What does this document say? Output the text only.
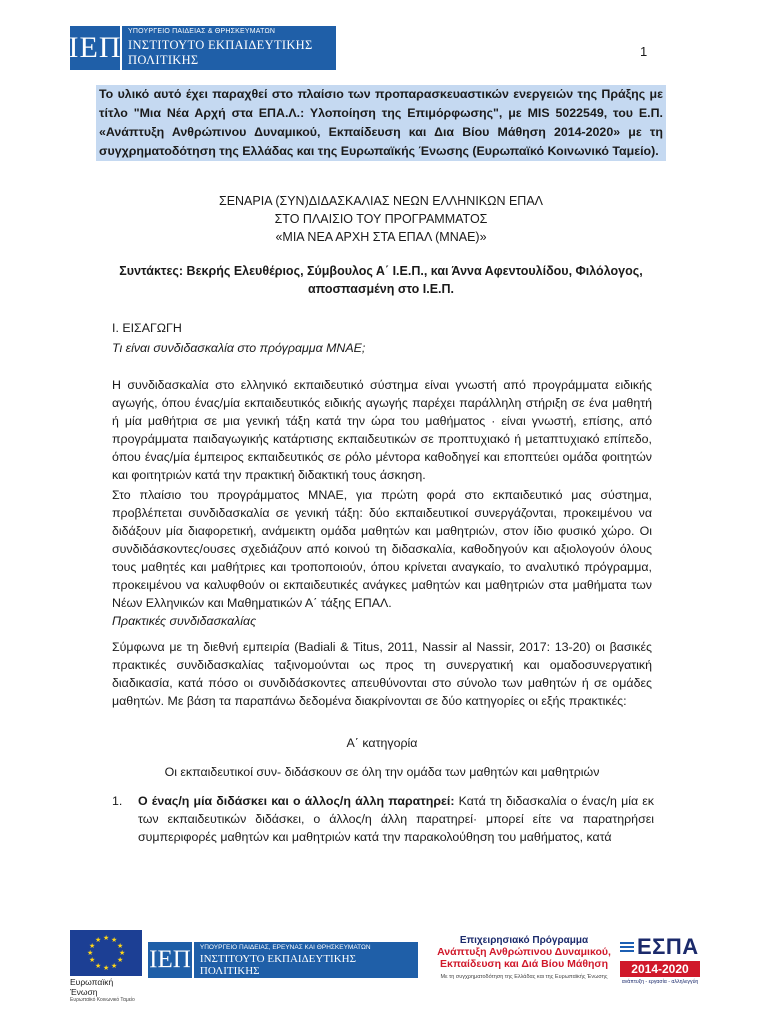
ΙΕΠ ΥΠΟΥΡΓΕΙΟ ΠΑΙΔΕΙΑΣ & ΘΡΗΣΚΕΥΜΑΤΩΝ
ΙΝΣΤΙΤΟΥΤΟ ΕΚΠΑΙΔΕΥΤΙΚΗΣ ΠΟΛΙΤΙΚΗΣ
1
Το υλικό αυτό έχει παραχθεί στο πλαίσιο των προπαρασκευαστικών ενεργειών της Πράξης με τίτλο "Μια Νέα Αρχή στα ΕΠΑ.Λ.: Υλοποίηση της Επιμόρφωσης", με MIS 5022549, του Ε.Π. «Ανάπτυξη Ανθρώπινου Δυναμικού, Εκπαίδευση και Δια Βίου Μάθηση 2014-2020» με τη συγχρηματοδότηση της Ελλάδας και της Ευρωπαϊκής Ένωσης (Ευρωπαϊκό Κοινωνικό Ταμείο).
ΣΕΝΑΡΙΑ (ΣΥΝ)ΔΙΔΑΣΚΑΛΙΑΣ ΝΕΩΝ ΕΛΛΗΝΙΚΩΝ ΕΠΑΛ
ΣΤΟ ΠΛΑΙΣΙΟ ΤΟΥ ΠΡΟΓΡΑΜΜΑΤΟΣ
«ΜΙΑ ΝΕΑ ΑΡΧΗ ΣΤΑ ΕΠΑΛ (ΜΝΑΕ)»
Συντάκτες: Βεκρής Ελευθέριος, Σύμβουλος Α΄ Ι.Ε.Π., και Άννα Αφεντουλίδου, Φιλόλογος, αποσπασμένη στο Ι.Ε.Π.
Ι. ΕΙΣΑΓΩΓΗ
Τι είναι συνδιδασκαλία στο πρόγραμμα ΜΝΑΕ;
Η συνδιδασκαλία στο ελληνικό εκπαιδευτικό σύστημα είναι γνωστή από προγράμματα ειδικής αγωγής, όπου ένας/μία εκπαιδευτικός ειδικής αγωγής παρέχει παράλληλη στήριξη σε ένα μαθητή ή μία μαθήτρια σε μια γενική τάξη κατά την ώρα του μαθήματος · είναι γνωστή, επίσης, από προγράμματα παιδαγωγικής κατάρτισης εκπαιδευτικών σε προπτυχιακό ή μεταπτυχιακό επίπεδο, όπου ένας/μία έμπειρος εκπαιδευτικός σε ρόλο μέντορα καθοδηγεί και εποπτεύει ομάδα φοιτητών και φοιτητριών κατά την πρακτική διδακτική τους άσκηση.
Στο πλαίσιο του προγράμματος ΜΝΑΕ, για πρώτη φορά στο εκπαιδευτικό μας σύστημα, προβλέπεται συνδιδασκαλία σε γενική τάξη: δύο εκπαιδευτικοί συνεργάζονται, προκειμένου να διδάξουν μία διαφορετική, ανάμεικτη ομάδα μαθητών και μαθητριών, στον ίδιο φυσικό χώρο. Οι συνδιδάσκοντες/ουσες σχεδιάζουν από κοινού τη διδασκαλία, καθοδηγούν και αξιολογούν όλους τους μαθητές και μαθήτριες και τροποποιούν, όπου κρίνεται αναγκαίο, το αναλυτικό πρόγραμμα, προκειμένου να καλυφθούν οι εκπαιδευτικές ανάγκες μαθητών και μαθητριών στα μαθήματα των Νέων Ελληνικών και Μαθηματικών Α΄ τάξης ΕΠΑΛ.
Πρακτικές συνδιδασκαλίας
Σύμφωνα με τη διεθνή εμπειρία (Badiali & Titus, 2011, Nassir al Nassir, 2017: 13-20) οι βασικές πρακτικές συνδιδασκαλίας ταξινομούνται ως προς τη συνεργατική και ομαδοσυνεργατική διαδικασία, κατά πόσο οι συνδιδάσκοντες απευθύνονται στο σύνολο των μαθητών ή σε ομάδες μαθητών. Με βάση τα παραπάνω δεδομένα διακρίνονται σε δύο κατηγορίες οι εξής πρακτικές:
Α΄ κατηγορία
Οι εκπαιδευτικοί συν- διδάσκουν σε όλη την ομάδα των μαθητών και μαθητριών
1. Ο ένας/η μία διδάσκει και ο άλλος/η άλλη παρατηρεί: Κατά τη διδασκαλία ο ένας/η μία εκ των εκπαιδευτικών διδάσκει, ο άλλος/η άλλη παρατηρεί· μπορεί είτε να παρατηρήσει συμπεριφορές μαθητών και μαθητριών κατά την παρακολούθηση του μαθήματος, κατά
★ ★
★
★
★
★
★
★
★
★
★
★
Ευρωπαϊκή Ένωση
Ευρωπαϊκό Κοινωνικό Ταμείο
ΙΕΠ	ΥΠΟΥΡΓΕΙΟ ΠΑΙΔΕΙΑΣ, ΕΡΕΥΝΑΣ ΚΑΙ ΘΡΗΣΚΕΥΜΑΤΩΝ
ΙΝΣΤΙΤΟΥΤΟ ΕΚΠΑΙΔΕΥΤΙΚΗΣ ΠΟΛΙΤΙΚΗΣ
Επιχειρησιακό Πρόγραμμα
Ανάπτυξη Ανθρώπινου Δυναμικού, Εκπαίδευση και Διά Βίου Μάθηση
Με τη συγχρηματοδότηση της Ελλάδας και της Ευρωπαϊκής Ένωσης
ΕΣΠΑ
2014-2020
ανάπτυξη - εργασία - αλληλεγγύη
